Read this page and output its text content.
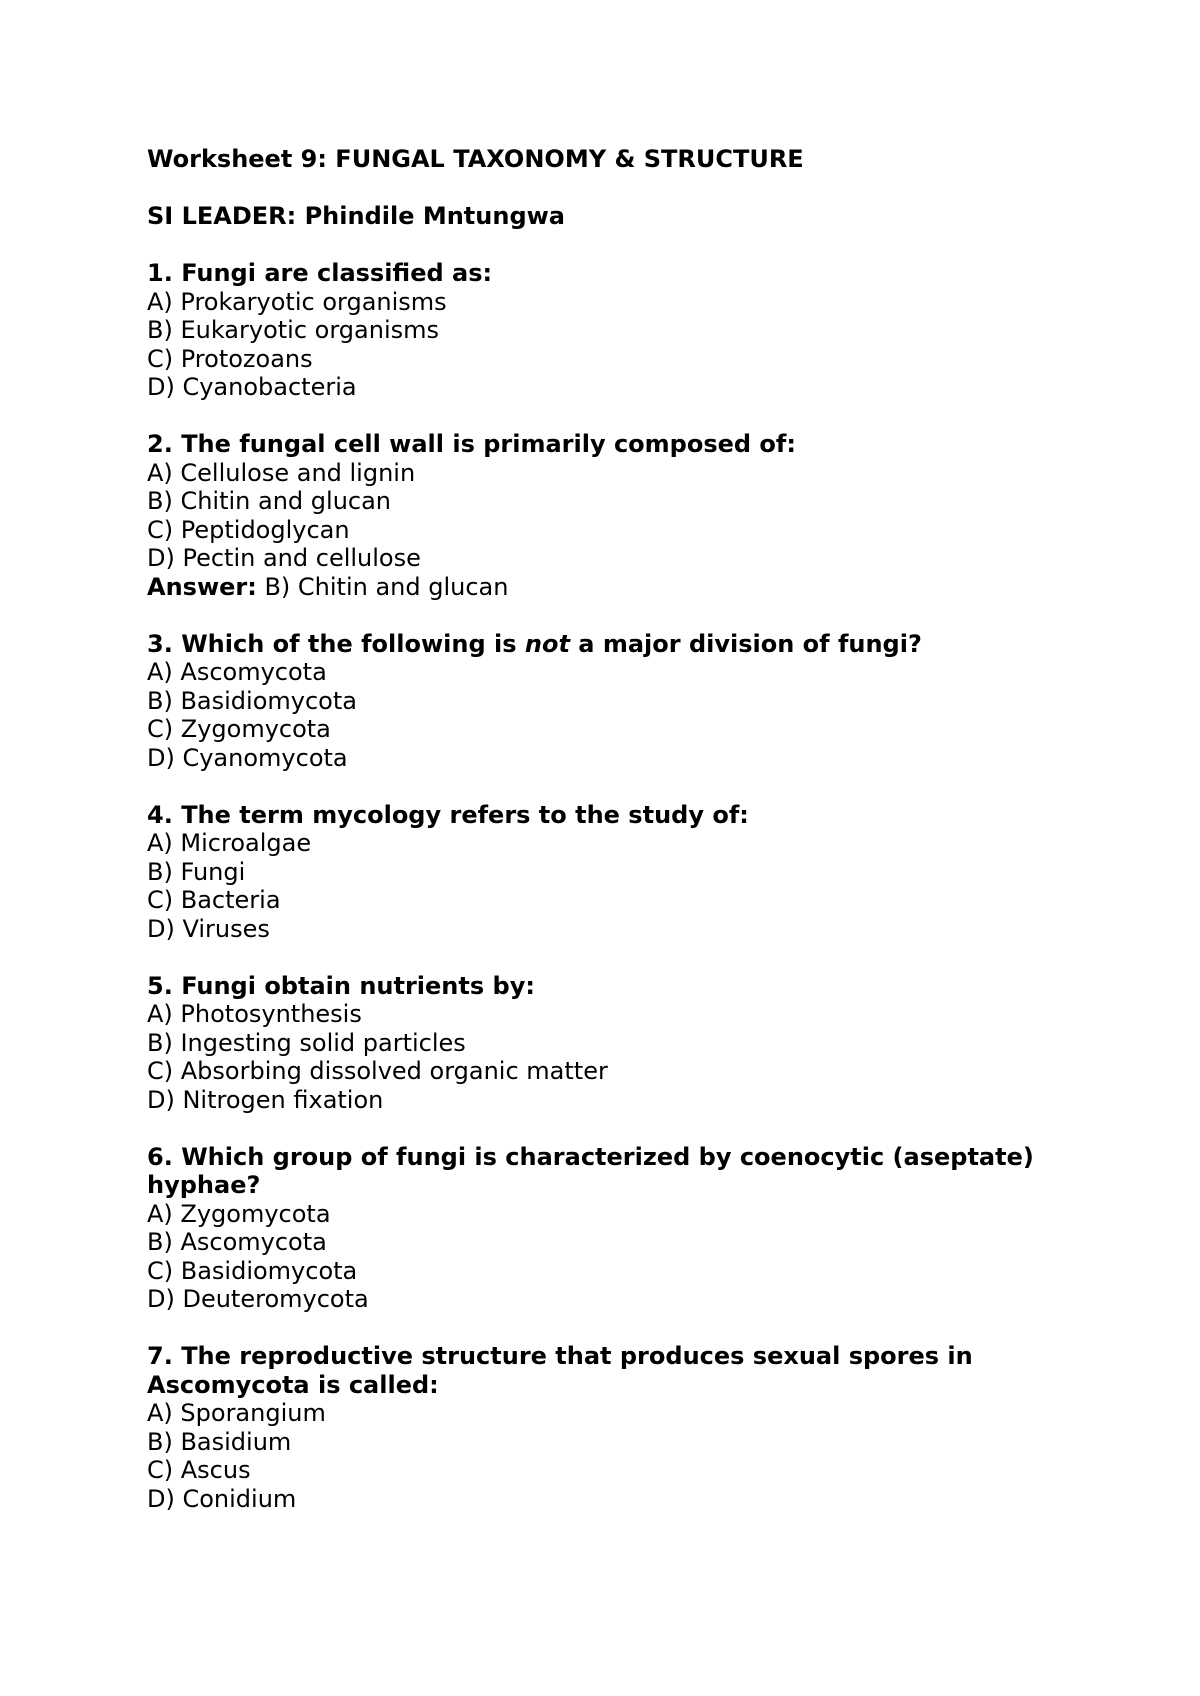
Worksheet 9: FUNGAL TAXONOMY & STRUCTURE

SI LEADER: Phindile Mntungwa

1. Fungi are classified as:

A) Prokaryotic organisms

B) Eukaryotic organisms

C) Protozoans

D) Cyanobacteria

2. The fungal cell wall is primarily composed of:

A) Cellulose and lignin

B) Chitin and glucan

C) Peptidoglycan

D) Pectin and cellulose

Answer: B) Chitin and glucan

3. Which of the following is not a major division of fungi?

A) Ascomycota

B) Basidiomycota

C) Zygomycota

D) Cyanomycota

4. The term mycology refers to the study of:

A) Microalgae

B) Fungi

C) Bacteria

D) Viruses

5. Fungi obtain nutrients by:

A) Photosynthesis

B) Ingesting solid particles

C) Absorbing dissolved organic matter

D) Nitrogen fixation

6. Which group of fungi is characterized by coenocytic (aseptate) hyphae?

A) Zygomycota

B) Ascomycota

C) Basidiomycota

D) Deuteromycota

7. The reproductive structure that produces sexual spores in Ascomycota is called:

A) Sporangium

B) Basidium

C) Ascus

D) Conidium
